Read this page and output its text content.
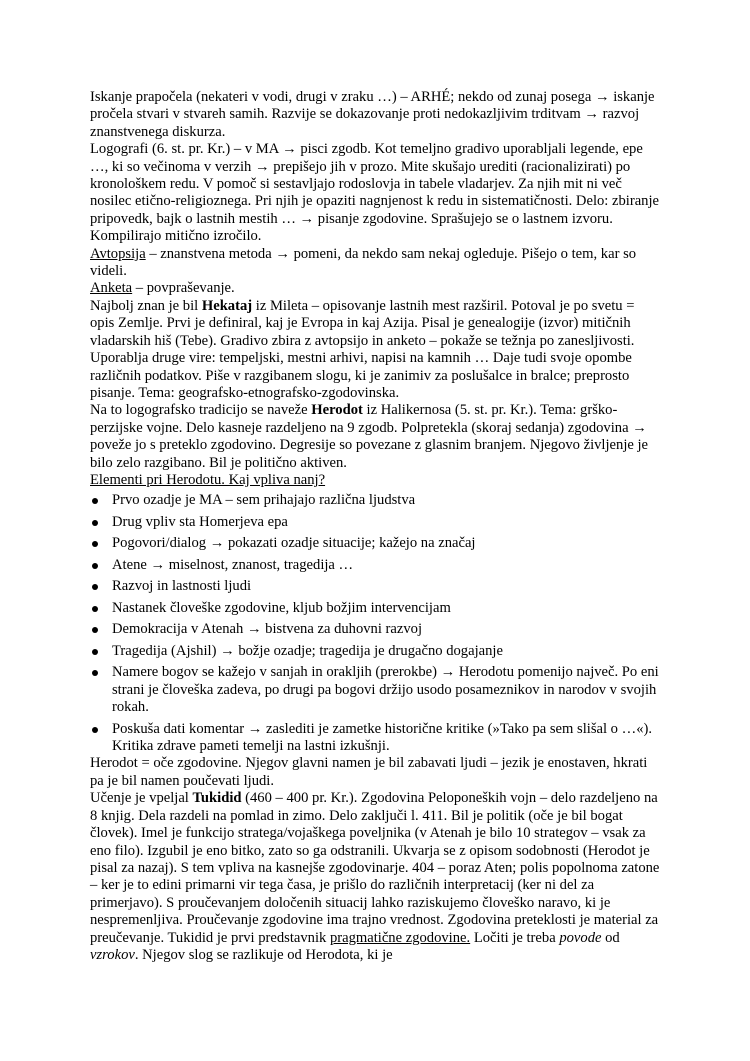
Iskanje prapočela (nekateri v vodi, drugi v zraku …) – ARHÉ; nekdo od zunaj posega → iskanje pročela stvari v stvareh samih. Razvije se dokazovanje proti nedokazljivim trditvam → razvoj znanstvenega diskurza.

Logografi (6. st. pr. Kr.) – v MA → pisci zgodb. Kot temeljno gradivo uporabljali legende, epe …, ki so večinoma v verzih → prepišejo jih v prozo. Mite skušajo urediti (racionalizirati) po kronološkem redu. V pomoč si sestavljajo rodoslovja in tabele vladarjev. Za njih mit ni več nosilec etično-religioznega. Pri njih je opaziti nagnjenost k redu in sistematičnosti. Delo: zbiranje pripovedk, bajk o lastnih mestih … → pisanje zgodovine. Sprašujejo se o lastnem izvoru. Kompilirajo mitično izročilo.

Avtopsija – znanstvena metoda → pomeni, da nekdo sam nekaj ogleduje. Pišejo o tem, kar so videli.

Anketa – povpraševanje.

Najbolj znan je bil Hekataj iz Mileta – opisovanje lastnih mest razširil. Potoval je po svetu = opis Zemlje. Prvi je definiral, kaj je Evropa in kaj Azija. Pisal je genealogije (izvor) mitičnih vladarskih hiš (Tebe). Gradivo zbira z avtopsijo in anketo – pokaže se težnja po zanesljivosti. Uporablja druge vire: tempeljski, mestni arhivi, napisi na kamnih … Daje tudi svoje opombe različnih podatkov. Piše v razgibanem slogu, ki je zanimiv za poslušalce in bralce; preprosto pisanje. Tema: geografsko-etnografsko-zgodovinska.

Na to logografsko tradicijo se naveže Herodot iz Halikernosa (5. st. pr. Kr.). Tema: grško-perzijske vojne. Delo kasneje razdeljeno na 9 zgodb. Polpretekla (skoraj sedanja) zgodovina → poveže jo s preteklo zgodovino. Degresije so povezane z glasnim branjem. Njegovo življenje je bilo zelo razgibano. Bil je politično aktiven.

Elementi pri Herodotu. Kaj vpliva nanj?

Prvo ozadje je MA – sem prihajajo različna ljudstva
Drug vpliv sta Homerjeva epa
Pogovori/dialog → pokazati ozadje situacije; kažejo na značaj
Atene → miselnost, znanost, tragedija …
Razvoj in lastnosti ljudi
Nastanek človeške zgodovine, kljub božjim intervencijam
Demokracija v Atenah → bistvena za duhovni razvoj
Tragedija (Ajshil) → božje ozadje; tragedija je drugačno dogajanje
Namere bogov se kažejo v sanjah in orakljih (prerokbe) → Herodotu pomenijo največ. Po eni strani je človeška zadeva, po drugi pa bogovi držijo usodo posameznikov in narodov v svojih rokah.
Poskuša dati komentar → zaslediti je zametke historične kritike (»Tako pa sem slišal o …«). Kritika zdrave pameti temelji na lastni izkušnji.

Herodot = oče zgodovine. Njegov glavni namen je bil zabavati ljudi – jezik je enostaven, hkrati pa je bil namen poučevati ljudi.

Učenje je vpeljal Tukidid (460 – 400 pr. Kr.). Zgodovina Peloponeških vojn – delo razdeljeno na 8 knjig. Dela razdeli na pomlad in zimo. Delo zaključi l. 411. Bil je politik (oče je bil bogat človek). Imel je funkcijo stratega/vojaškega poveljnika (v Atenah je bilo 10 strategov – vsak za eno filo). Izgubil je eno bitko, zato so ga odstranili. Ukvarja se z opisom sodobnosti (Herodot je pisal za nazaj). S tem vpliva na kasnejše zgodovinarje. 404 – poraz Aten; polis popolnoma zatone – ker je to edini primarni vir tega časa, je prišlo do različnih interpretacij (ker ni del za primerjavo). S proučevanjem določenih situacij lahko raziskujemo človeško naravo, ki je nespremenljiva. Proučevanje zgodovine ima trajno vrednost. Zgodovina preteklosti je material za preučevanje. Tukidid je prvi predstavnik pragmatične zgodovine. Ločiti je treba povode od vzrokov. Njegov slog se razlikuje od Herodota, ki je
